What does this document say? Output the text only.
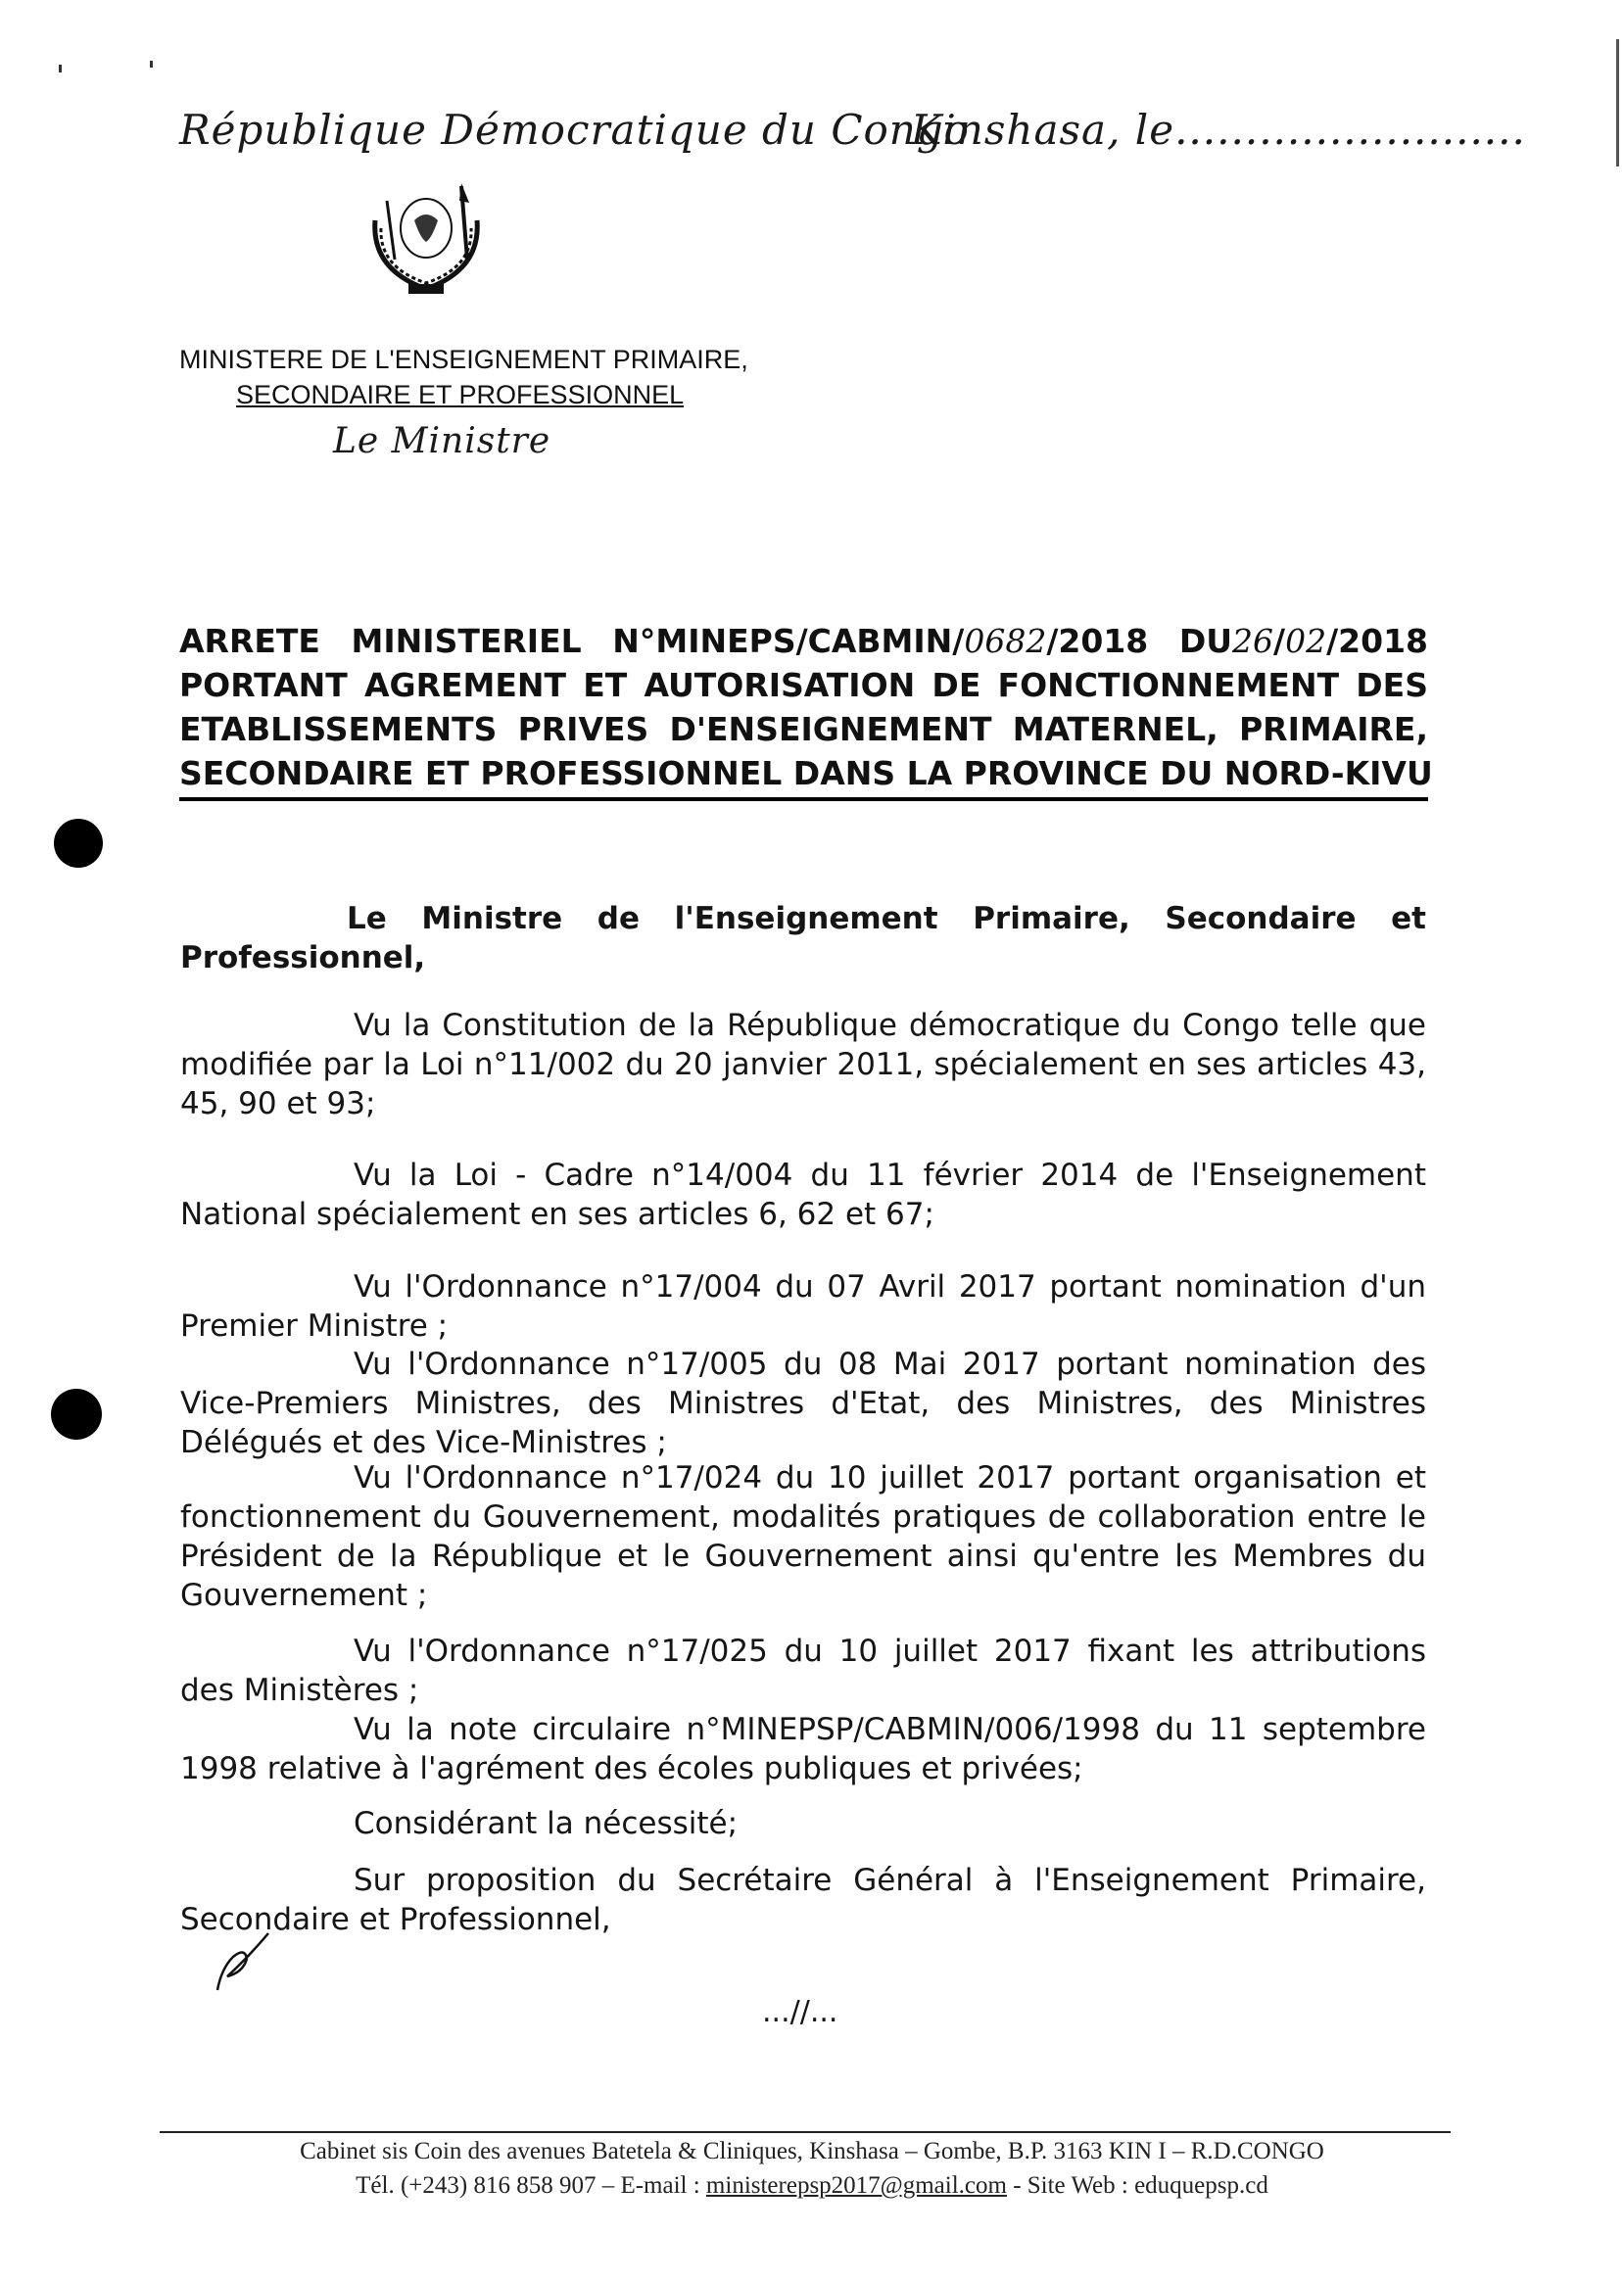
République Démocratique du Congo
Kinshasa, le.........................
MINISTERE DE L'ENSEIGNEMENT PRIMAIRE,
SECONDAIRE ET PROFESSIONNEL
Le Ministre
ARRETE MINISTERIEL N°MINEPS/CABMIN/0682/2018 DU26/02/2018
PORTANT AGREMENT ET AUTORISATION DE FONCTIONNEMENT DES
ETABLISSEMENTS PRIVES D'ENSEIGNEMENT MATERNEL, PRIMAIRE,
SECONDAIRE ET PROFESSIONNEL DANS LA PROVINCE DU NORD-KIVU
Le Ministre de l'Enseignement Primaire, Secondaire et Professionnel,
Vu la Constitution de la République démocratique du Congo telle que modifiée par la Loi n°11/002 du 20 janvier 2011, spécialement en ses articles 43, 45, 90 et 93;
Vu la Loi - Cadre n°14/004 du 11 février 2014 de l'Enseignement National spécialement en ses articles 6, 62 et 67;
Vu l'Ordonnance n°17/004 du 07 Avril 2017 portant nomination d'un Premier Ministre ;
Vu l'Ordonnance n°17/005 du 08 Mai 2017 portant nomination des Vice-Premiers Ministres, des Ministres d'Etat, des Ministres, des Ministres Délégués et des Vice-Ministres ;
Vu l'Ordonnance n°17/024 du 10 juillet 2017 portant organisation et fonctionnement du Gouvernement, modalités pratiques de collaboration entre le Président de la République et le Gouvernement ainsi qu'entre les Membres du Gouvernement ;
Vu l'Ordonnance n°17/025 du 10 juillet 2017 fixant les attributions des Ministères ;
Vu la note circulaire n°MINEPSP/CABMIN/006/1998 du 11 septembre 1998 relative à l'agrément des écoles publiques et privées;
Considérant la nécessité;
Sur proposition du Secrétaire Général à l'Enseignement Primaire, Secondaire et Professionnel,
...//...
Cabinet sis Coin des avenues Batetela & Cliniques, Kinshasa – Gombe, B.P. 3163 KIN I – R.D.CONGO
Tél. (+243) 816 858 907 – E-mail : ministerepsp2017@gmail.com - Site Web : eduquepsp.cd
